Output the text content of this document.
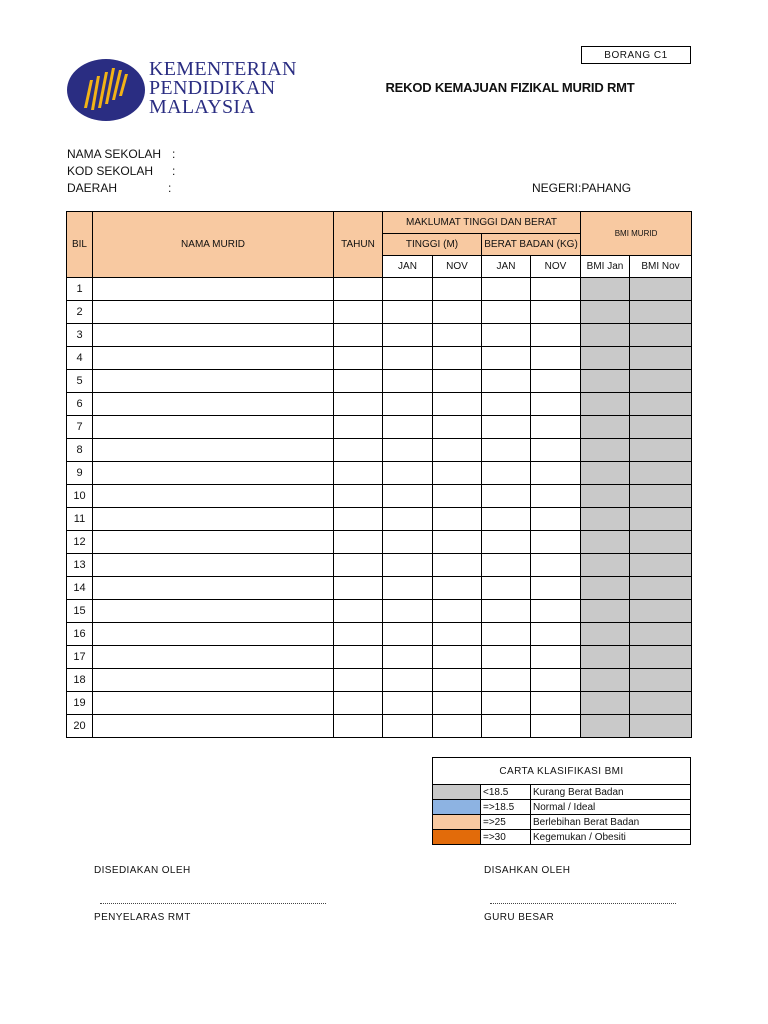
BORANG C1
KEMENTERIAN
PENDIDIKAN
MALAYSIA
REKOD KEMAJUAN FIZIKAL MURID RMT
NAMA SEKOLAH :
KOD SEKOLAH :
DAERAH	:	NEGERI:PAHANG
BIL	NAMA MURID	TAHUN	MAKLUMAT TINGGI DAN BERAT				BMI MURID	
			TINGGI (M)		BERAT BADAN (KG)			
			JAN	NOV	JAN	NOV	BMI Jan	BMI Nov
1								
2								
3								
4								
5								
6								
7								
8								
9								
10								
11								
12								
13								
14								
15								
16								
17								
18								
19								
20								
CARTA KLASIFIKASI BMI		
	<18.5	Kurang Berat Badan
	=>18.5	Normal / Ideal
	=>25	Berlebihan Berat Badan
	=>30	Kegemukan / Obesiti
DISEDIAKAN OLEH	DISAHKAN OLEH
PENYELARAS RMT	GURU BESAR
